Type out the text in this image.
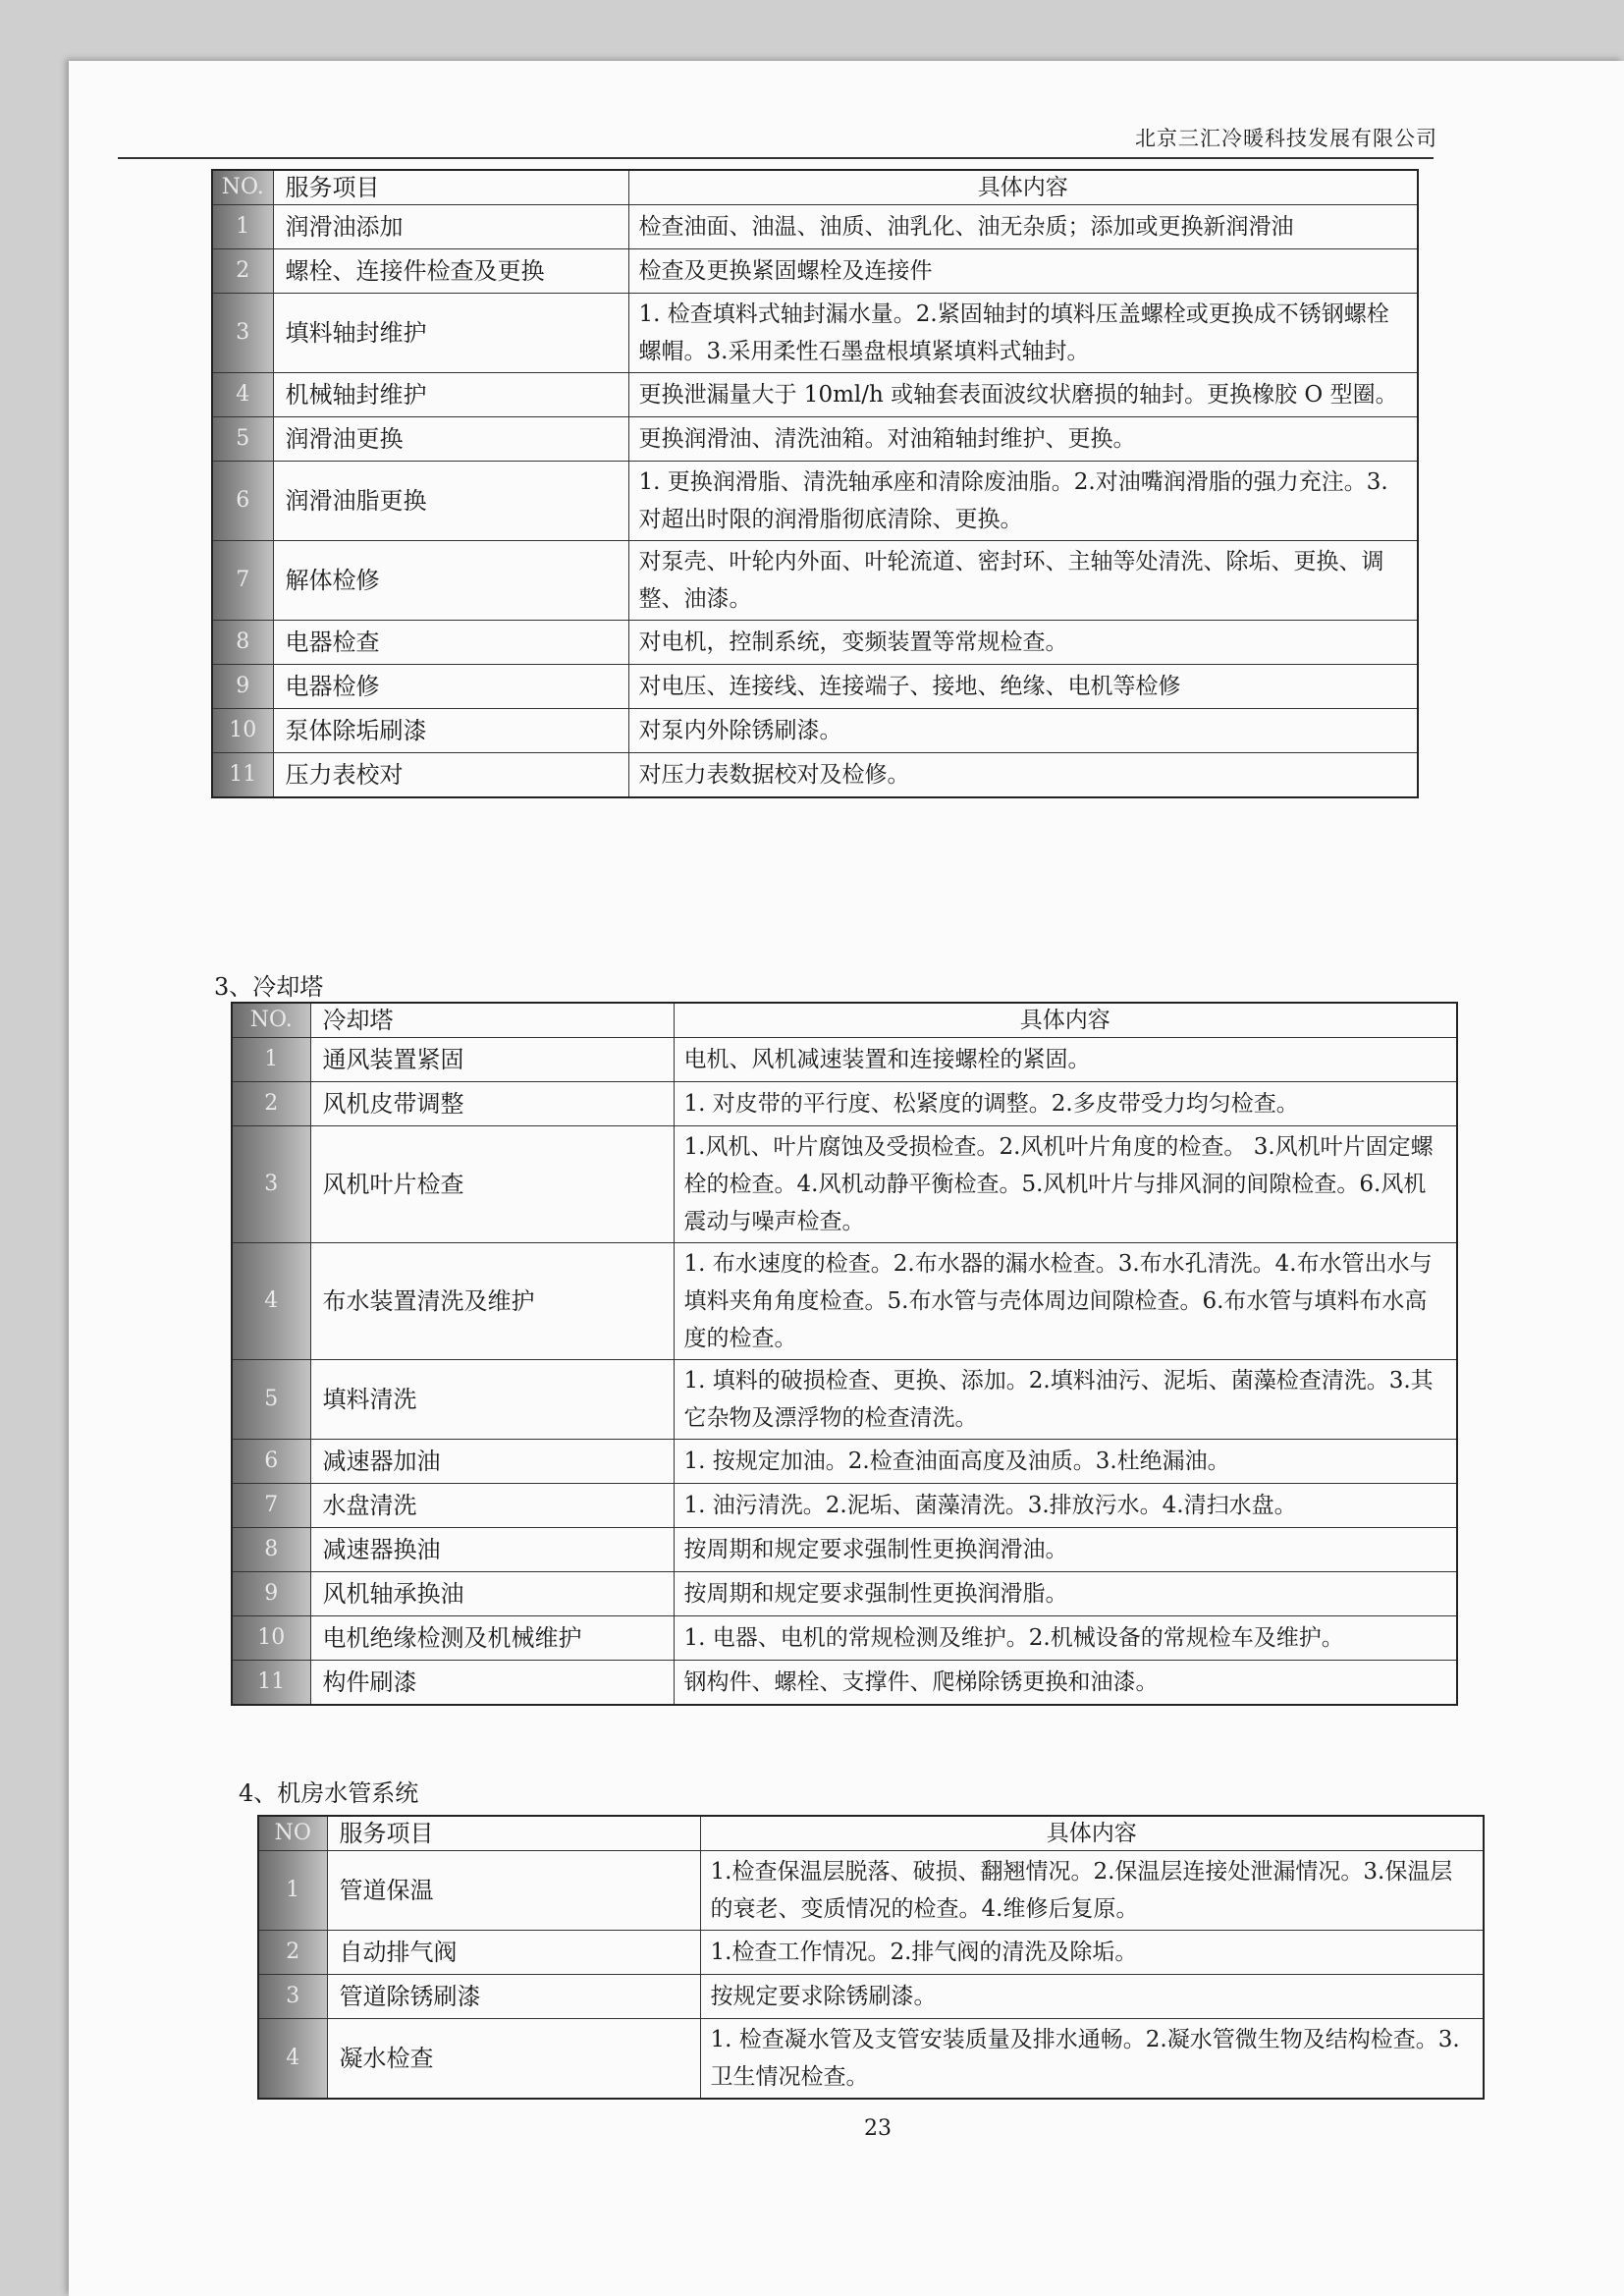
北京三汇冷暖科技发展有限公司
NO.	服务项目	具体内容
1	润滑油添加	检查油面、油温、油质、油乳化、油无杂质；添加或更换新润滑油
2	螺栓、连接件检查及更换	检查及更换紧固螺栓及连接件
3	填料轴封维护	1. 检查填料式轴封漏水量。2.紧固轴封的填料压盖螺栓或更换成不锈钢螺栓螺帽。3.采用柔性石墨盘根填紧填料式轴封。
4	机械轴封维护	更换泄漏量大于 10ml/h 或轴套表面波纹状磨损的轴封。更换橡胶 O 型圈。
5	润滑油更换	更换润滑油、清洗油箱。对油箱轴封维护、更换。
6	润滑油脂更换	1. 更换润滑脂、清洗轴承座和清除废油脂。2.对油嘴润滑脂的强力充注。3.对超出时限的润滑脂彻底清除、更换。
7	解体检修	对泵壳、叶轮内外面、叶轮流道、密封环、主轴等处清洗、除垢、更换、调整、油漆。
8	电器检查	对电机，控制系统，变频装置等常规检查。
9	电器检修	对电压、连接线、连接端子、接地、绝缘、电机等检修
10	泵体除垢刷漆	对泵内外除锈刷漆。
11	压力表校对	对压力表数据校对及检修。
3、冷却塔
NO.	冷却塔	具体内容
1	通风装置紧固	电机、风机减速装置和连接螺栓的紧固。
2	风机皮带调整	1. 对皮带的平行度、松紧度的调整。2.多皮带受力均匀检查。
3	风机叶片检查	1.风机、叶片腐蚀及受损检查。2.风机叶片角度的检查。 3.风机叶片固定螺栓的检查。4.风机动静平衡检查。5.风机叶片与排风洞的间隙检查。6.风机震动与噪声检查。
4	布水装置清洗及维护	1. 布水速度的检查。2.布水器的漏水检查。3.布水孔清洗。4.布水管出水与填料夹角角度检查。5.布水管与壳体周边间隙检查。6.布水管与填料布水高度的检查。
5	填料清洗	1. 填料的破损检查、更换、添加。2.填料油污、泥垢、菌藻检查清洗。3.其它杂物及漂浮物的检查清洗。
6	减速器加油	1. 按规定加油。2.检查油面高度及油质。3.杜绝漏油。
7	水盘清洗	1. 油污清洗。2.泥垢、菌藻清洗。3.排放污水。4.清扫水盘。
8	减速器换油	按周期和规定要求强制性更换润滑油。
9	风机轴承换油	按周期和规定要求强制性更换润滑脂。
10	电机绝缘检测及机械维护	1. 电器、电机的常规检测及维护。2.机械设备的常规检车及维护。
11	构件刷漆	钢构件、螺栓、支撑件、爬梯除锈更换和油漆。
4、机房水管系统
NO	服务项目	具体内容
1	管道保温	1.检查保温层脱落、破损、翻翘情况。2.保温层连接处泄漏情况。3.保温层的衰老、变质情况的检查。4.维修后复原。
2	自动排气阀	1.检查工作情况。2.排气阀的清洗及除垢。
3	管道除锈刷漆	按规定要求除锈刷漆。
4	凝水检查	1. 检查凝水管及支管安装质量及排水通畅。2.凝水管微生物及结构检查。3.卫生情况检查。
23
